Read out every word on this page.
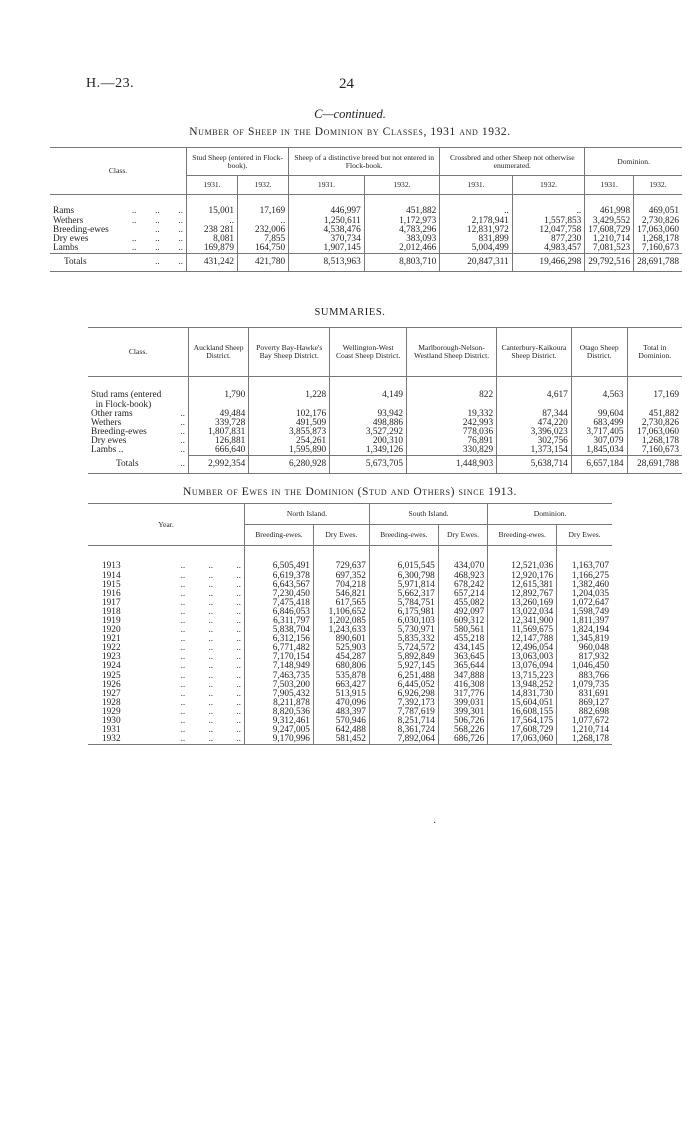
H.—23.	24
C—continued.
Number of Sheep in the Dominion by Classes, 1931 and 1932.
Class.	Stud Sheep (entered in Flock-book).		Sheep of a distinctive breed but not entered in Flock-book.		Crossbred and other Sheep not otherwise enumerated.		Dominion.	
	1931.	1932.	1931.	1932.	1931.	1932.	1931.	1932.
Rams ..        ..        ..	15,001	17,169	446,997	451,882	..	..	461,998	469,051
Wethers ..        ..        ..	..	..	1,250,611	1,172,973	2,178,941	1,557,853	3,429,552	2,730,826
Breeding-ewes ..        ..	238 281	232,006	4,538,476	4,783,296	12,831,972	12,047,758	17,608,729	17,063,060
Dry ewes ..        ..        ..	8,081	7,855	370,734	383,093	831,899	877,230	1,210,714	1,268,178
Lambs ..        ..        ..	169,879	164,750	1,907,145	2,012,466	5,004,499	4,983,457	7,081,523	7,160,673
Totals ..        ..	431,242	421,780	8,513,963	8,803,710	20,847,311	19,466,298	29,792,516	28,691,788
SUMMARIES.
Class.	Auckland Sheep District.	Poverty Bay-Hawke's Bay Sheep District.	Wellington-West Coast Sheep District.	Marlborough-Nelson-Westland Sheep District.	Canterbury-Kaikoura Sheep District.	Otago Sheep District.	Total in Dominion.
Stud rams (entered	1,790	1,228	4,149	822	4,617	4,563	17,169
in Flock-book)

Other rams ..	49,484	102,176	93,942	19,332	87,344	99,604	451,882
Wethers ..	339,728	491,509	498,886	242,993	474,220	683,499	2,730,826
Breeding-ewes ..	1,807,831	3,855,873	3,527,292	778,036	3,396,023	3,717,405	17,063,060
Dry ewes ..	126,881	254,261	200,310	76,891	302,756	307,079	1,268,178
Lambs .. ..	666,640	1,595,890	1,349,126	330,829	1,373,154	1,845,034	7,160,673
Totals ..	2,992,354	6,280,928	5,673,705	1,448,903	5,638,714	6,657,184	28,691,788
Number of Ewes in the Dominion (Stud and Others) since 1913.
Year.	North Island.		South Island.		Dominion.	
	Breeding-ewes.	Dry Ewes.	Breeding-ewes.	Dry Ewes.	Breeding-ewes.	Dry Ewes.
1913 ..          ..          ..	6,505,491	729,637	6,015,545	434,070	12,521,036	1,163,707
1914 ..          ..          ..	6,619,378	697,352	6,300,798	468,923	12,920,176	1,166,275
1915 ..          ..          ..	6,643,567	704,218	5,971,814	678,242	12,615,381	1,382,460
1916 ..          ..          ..	7,230,450	546,821	5,662,317	657,214	12,892,767	1,204,035
1917 ..          ..          ..	7,475,418	617,565	5,784,751	455,082	13,260,169	1,072,647
1918 ..          ..          ..	6,846,053	1,106,652	6,175,981	492,097	13,022,034	1,598,749
1919 ..          ..          ..	6,311,797	1,202,085	6,030,103	609,312	12,341,900	1,811,397
1920 ..          ..          ..	5,838,704	1,243,633	5,730,971	580,561	11,569,675	1,824,194
1921 ..          ..          ..	6,312,156	890,601	5,835,332	455,218	12,147,788	1,345,819
1922 ..          ..          ..	6,771,482	525,903	5,724,572	434,145	12,496,054	960,048
1923 ..          ..          ..	7,170,154	454,287	5,892,849	363,645	13,063,003	817,932
1924 ..          ..          ..	7,148,949	680,806	5,927,145	365,644	13,076,094	1,046,450
1925 ..          ..          ..	7,463,735	535,878	6,251,488	347,888	13,715,223	883,766
1926 ..          ..          ..	7,503,200	663,427	6,445,052	416,308	13,948,252	1,079,735
1927 ..          ..          ..	7,905,432	513,915	6,926,298	317,776	14,831,730	831,691
1928 ..          ..          ..	8,211,878	470,096	7,392,173	399,031	15,604,051	869,127
1929 ..          ..          ..	8,820,536	483,397	7,787,619	399,301	16,608,155	882,698
1930 ..          ..          ..	9,312,461	570,946	8,251,714	506,726	17,564,175	1,077,672
1931 ..          ..          ..	9,247,005	642,488	8,361,724	568,226	17,608,729	1,210,714
1932 ..          ..          ..	9,170,996	581,452	7,892,064	686,726	17,063,060	1,268,178
·
